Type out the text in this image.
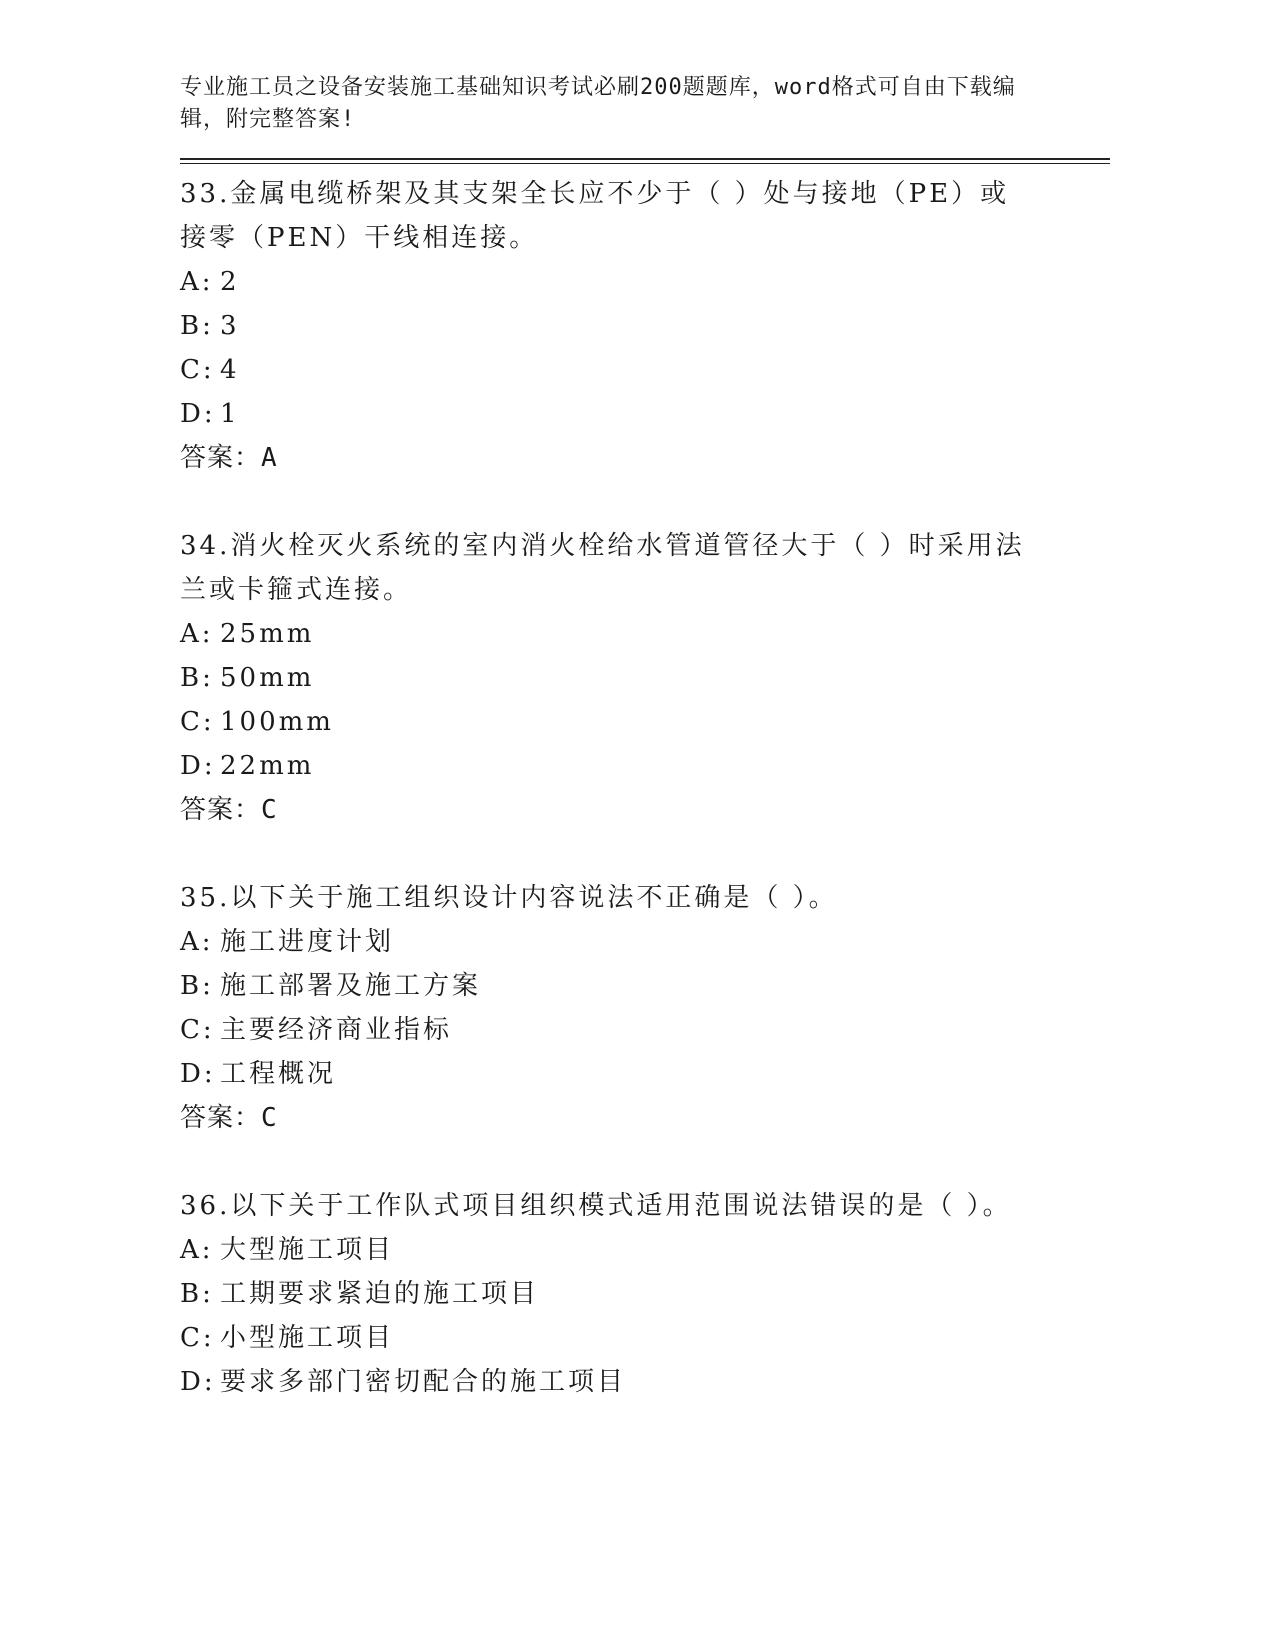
专业施工员之设备安装施工基础知识考试必刷200题题库，word格式可自由下载编辑，附完整答案!
33.金属电缆桥架及其支架全长应不少于（ ）处与接地（PE）或接零（PEN）干线相连接。
A: 2
B: 3
C: 4
D: 1
答案：A
34.消火栓灭火系统的室内消火栓给水管道管径大于（ ）时采用法兰或卡箍式连接。
A: 25mm
B: 50mm
C: 100mm
D: 22mm
答案：C
35.以下关于施工组织设计内容说法不正确是（ ）。
A: 施工进度计划
B: 施工部署及施工方案
C: 主要经济商业指标
D: 工程概况
答案：C
36.以下关于工作队式项目组织模式适用范围说法错误的是（ ）。
A: 大型施工项目
B: 工期要求紧迫的施工项目
C: 小型施工项目
D: 要求多部门密切配合的施工项目
